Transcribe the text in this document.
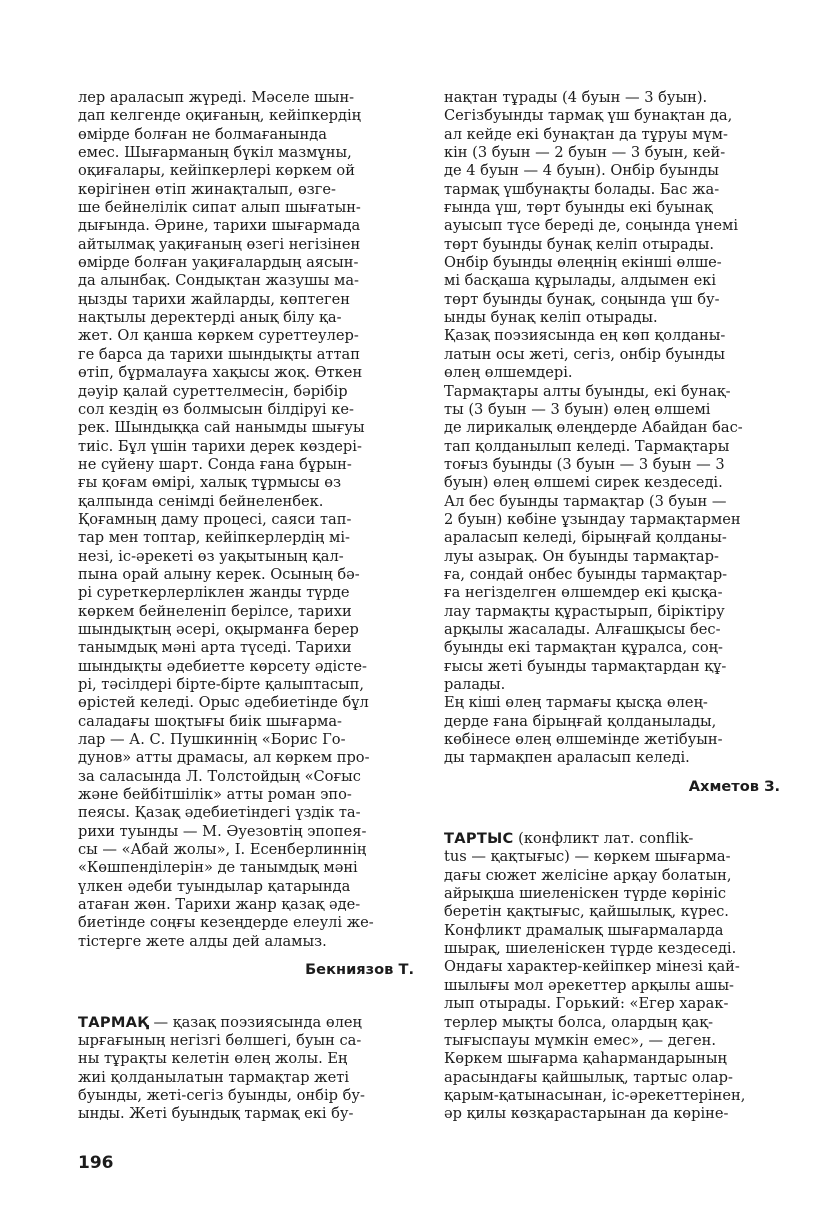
лер араласып жүреді. Мәселе шын-
дап келгенде оқиғаның, кейіпкердің
өмірде болған не болмағанында
емес. Шығарманың бүкіл мазмұны,
оқиғалары, кейіпкерлері көркем ой
көрігінен өтіп жинақталып, өзге-
ше бейнелілік сипат алып шығатын-
дығында. Әрине, тарихи шығармада
айтылмақ уақиғаның өзегі негізінен
өмірде болған уақиғалардың аясын-
да алынбақ. Сондықтан жазушы ма-
ңызды тарихи жайларды, көптеген
нақтылы деректерді анық білу қа-
жет. Ол қанша көркем суреттеулер-
ге барса да тарихи шындықты аттап
өтіп, бұрмалауға хақысы жоқ. Өткен
дәуір қалай суреттелмесін, бәрібір
сол кездің өз болмысын білдіруі ке-
рек. Шындыққа сай нанымды шығуы
тиіс. Бұл үшін тарихи дерек көздері-
не сүйену шарт. Сонда ғана бұрын-
ғы қоғам өмірі, халық тұрмысы өз
қалпында сенімді бейнеленбек.

Қоғамның даму процесі, саяси тап-
тар мен топтар, кейіпкерлердің мі-
незі, іс-әрекеті өз уақытының қал-
пына орай алыну керек. Осының бә-
рі суреткерлерліклен жанды түрде
көркем бейнеленіп берілсе, тарихи
шындықтың әсері, оқырманға берер
танымдық мәні арта түседі. Тарихи
шындықты әдебиетте көрсету әдісте-
рі, тәсілдері бірте-бірте қалыптасып,
өрістей келеді. Орыс әдебиетінде бұл
саладағы шоқтығы биік шығарма-
лар — А. С. Пушкиннің «Борис Го-
дунов» атты драмасы, ал көркем про-
за саласында Л. Толстойдың «Соғыс
және бейбітшілік» атты роман эпо-
пеясы. Қазақ әдебиетіндегі үздік та-
рихи туынды — М. Әуезовтің эпопея-
сы — «Абай жолы», І. Есенберлиннің
«Көшпенділерін» де танымдық мәні
үлкен әдеби туындылар қатарында
атаған жөн. Тарихи жанр қазақ әде-
биетінде соңғы кезеңдерде елеулі же-
тістерге жете алды дей аламыз.

Бекниязов Т.

ТАРМАҚ — қазақ поэзиясында өлең
ырғағының негізгі бөлшегі, буын са-
ны тұрақты келетін өлең жолы. Ең
жиі қолданылатын тармақтар жеті
буынды, жеті-сегіз буынды, онбір бу-
ынды. Жеті буындық тармақ екі бу-

нақтан тұрады (4 буын — 3 буын).
Сегізбуынды тармақ үш бунақтан да,
ал кейде екі бунақтан да тұруы мүм-
кін (3 буын — 2 буын — 3 буын, кей-
де 4 буын — 4 буын). Онбір буынды
тармақ үшбунақты болады. Бас жа-
ғында үш, төрт буынды екі буынақ
ауысып түсе береді де, соңында үнемі
төрт буынды бунақ келіп отырады.
Онбір буынды өлеңнің екінші өлше-
мі басқаша құрылады, алдымен екі
төрт буынды бунақ, соңында үш бу-
ынды бунақ келіп отырады.

Қазақ поэзиясында ең көп қолданы-
латын осы жеті, сегіз, онбір буынды
өлең өлшемдері.

Тармақтары алты буынды, екі бунақ-
ты (3 буын — 3 буын) өлең өлшемі
де лирикалық өлеңдерде Абайдан бас-
тап қолданылып келеді. Тармақтары
тоғыз буынды (3 буын — 3 буын — 3
буын) өлең өлшемі сирек кездеседі.
Ал бес буынды тармақтар (3 буын —
2 буын) көбіне ұзындау тармақтармен
араласып келеді, бірыңғай қолданы-
луы азырақ. Он буынды тармақтар-
ға, сондай онбес буынды тармақтар-
ға негізделген өлшемдер екі қысқа-
лау тармақты құрастырып, біріктіру
арқылы жасалады. Алғашқысы бес-
буынды екі тармақтан құралса, соң-
ғысы жеті буынды тармақтардан құ-
ралады.

Ең кіші өлең тармағы қысқа өлең-
дерде ғана бірыңғай қолданылады,
көбінесе өлең өлшемінде жетібуын-
ды тармақпен араласып келеді.

Ахметов З.

ТАРТЫС (конфликт лат. conflik-
tus — қақтығыс) — көркем шығарма-
дағы сюжет желісіне арқау болатын,
айрықша шиеленіскен түрде көрініс
беретін қақтығыс, қайшылық, күрес.
Конфликт драмалық шығармаларда
шырақ, шиеленіскен түрде кездеседі.
Ондағы характер-кейіпкер мінезі қай-
шылығы мол әрекеттер арқылы ашы-
лып отырады. Горький: «Егер харак-
терлер мықты болса, олардың қақ-
тығыспауы мүмкін емес», — деген.
Көркем шығарма қаһармандарының
арасындағы қайшылық, тартыс олар-
қарым-қатынасынан, іс-әрекеттерінен,
әр қилы көзқарастарынан да көріне-

196
